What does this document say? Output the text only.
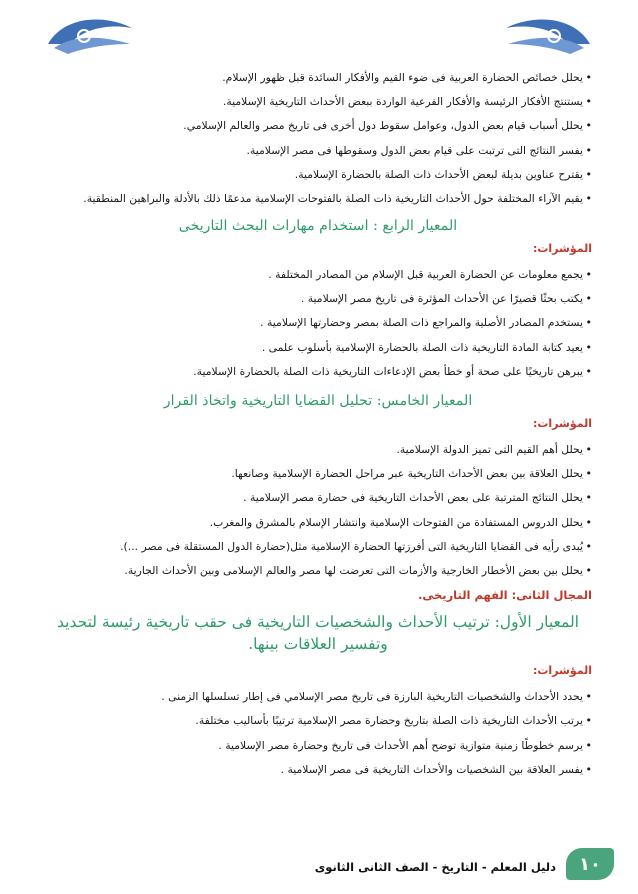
• يحلل خصائص الحضارة العربية فى ضوء القيم والأفكار السائدة قبل ظهور الإسلام.
• يستنتج الأفكار الرئيسة والأفكار الفرعية الواردة ببعض الأحداث التاريخية الإسلامية.
• يحلل أسباب قيام بعض الدول، وعوامل سقوط دول أخرى فى تاريخ مصر والعالم الإسلامي.
• يفسر النتائج التى ترتبت على قيام بعض الدول وسقوطها فى مصر الإسلامية.
• يقترح عناوين بديلة لبعض الأحداث ذات الصلة بالحضارة الإسلامية.
• يقيم الآراء المختلفة حول الأحداث التاريخية ذات الصلة بالفتوحات الإسلامية مدعمًا ذلك بالأدلة والبراهين المنطقية.
المعيار الرابع : استخدام مهارات البحث التاريخى
المؤشرات:
• يجمع معلومات عن الحضارة العربية قبل الإسلام من المصادر المختلفة .
• يكتب بحثًا قصيرًا عن الأحداث المؤثرة فى تاريخ مصر الإسلامية .
• يستخدم المصادر الأصلية والمراجع ذات الصلة بمصر وحضارتها الإسلامية .
• يعيد كتابة المادة التاريخية ذات الصلة بالحضارة الإسلامية بأسلوب علمى .
• يبرهن تاريخيًا على صحة أو خطأ بعض الإدعاءات التاريخية ذات الصلة بالحضارة الإسلامية.
المعيار الخامس: تحليل القضايا التاريخية واتخاذ القرار
المؤشرات:
• يحلل أهم القيم التى تميز الدولة الإسلامية.
• يحلل العلاقة بين بعض الأحداث التاريخية عبر مراحل الحضارة الإسلامية وصانعها.
• يحلل النتائج المترتبة على بعض الأحداث التاريخية فى حضارة مصر الإسلامية .
• يحلل الدروس المستفادة من الفتوحات الإسلامية وانتشار الإسلام بالمشرق والمغرب.
• يُبدى رأيه فى القضايا التاريخية التى أفرزتها الحضارة الإسلامية مثل(حضارة الدول المستقلة فى مصر ...).
• يحلل بين بعض الأخطار الخارجية والأزمات التى تعرضت لها مصر والعالم الإسلامى وبين الأحداث الجارية.
المجال الثانى: الفهم التاريخى.
المعيار الأول: ترتيب الأحداث والشخصيات التاريخية فى حقب تاريخية رئيسة لتحديد وتفسير العلاقات بينها.
المؤشرات:
• يحدد الأحداث والشخصيات التاريخية البارزة فى تاريخ مصر الإسلامي فى إطار تسلسلها الزمنى .
• يرتب الأحداث التاريخية ذات الصلة بتاريخ وحضارة مصر الإسلامية ترتيبًا بأساليب مختلفة.
• يرسم خطوطًا زمنية متوازية توضح أهم الأحداث فى تاريخ وحضارة مصر الإسلامية .
• يفسر العلاقة بين الشخصيات والأحداث التاريخية فى مصر الإسلامية .
١٠
دليل المعلم - التاريخ - الصف الثانى الثانوى
